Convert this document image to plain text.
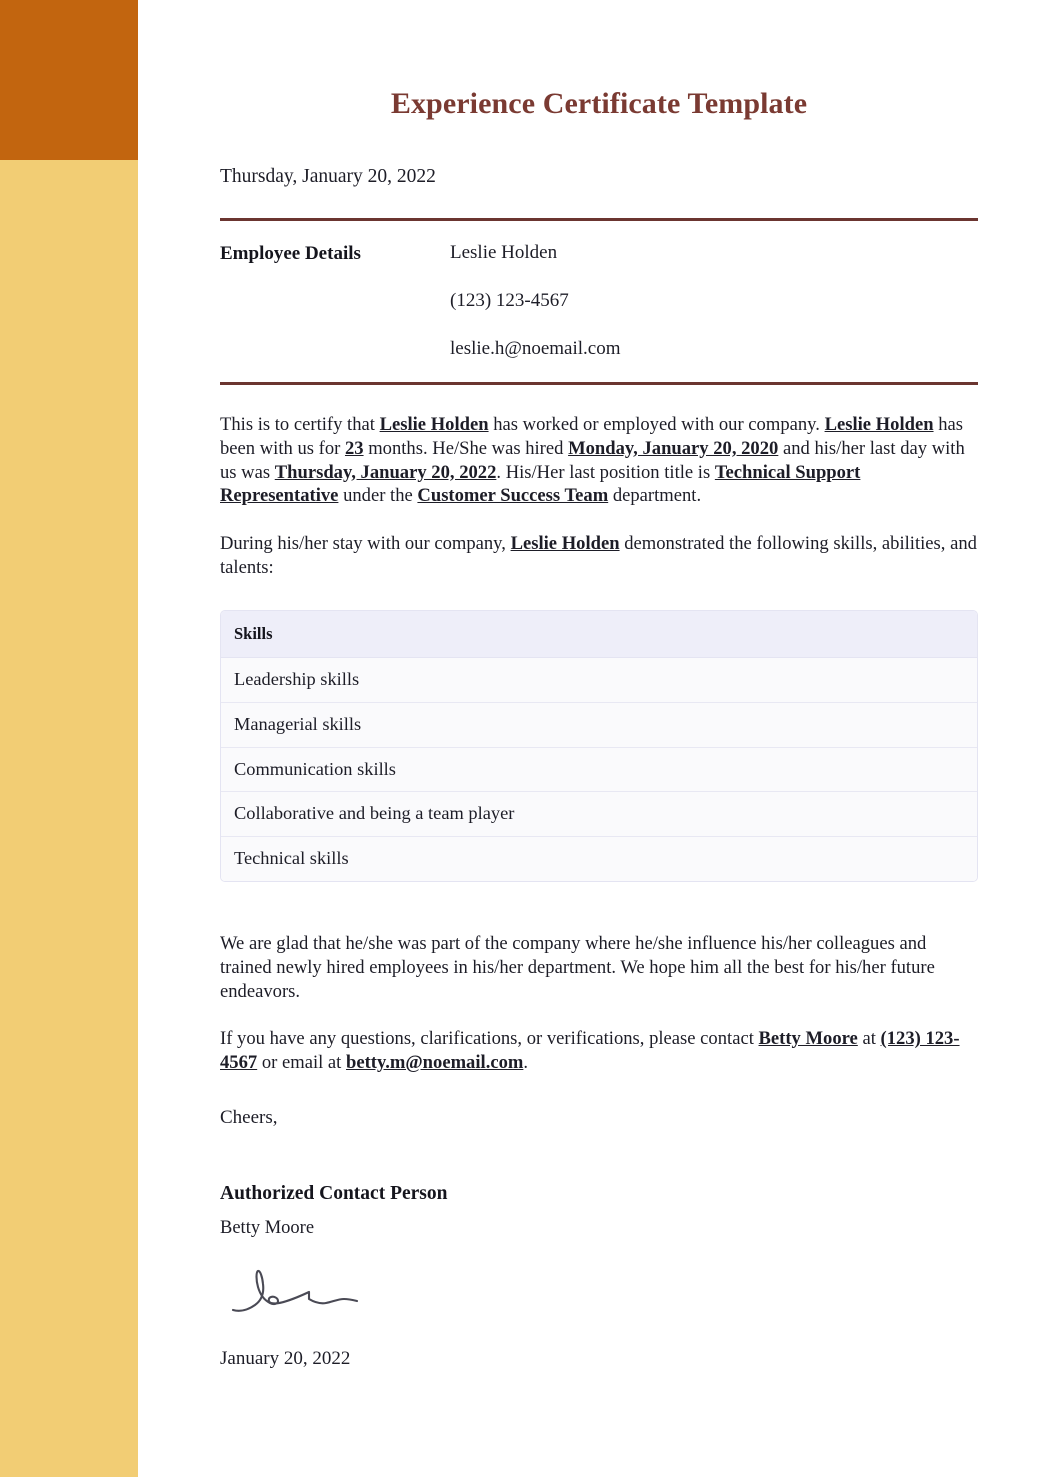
Experience Certificate Template

Thursday, January 20, 2022

Employee Details	Leslie Holden
(123) 123-4567
leslie.h@noemail.com

This is to certify that Leslie Holden has worked or employed with our company. Leslie Holden has been with us for 23 months. He/She was hired Monday, January 20, 2020 and his/her last day with us was Thursday, January 20, 2022. His/Her last position title is Technical Support Representative under the Customer Success Team department.

During his/her stay with our company, Leslie Holden demonstrated the following skills, abilities, and talents:

Skills
Leadership skills
Managerial skills
Communication skills
Collaborative and being a team player
Technical skills

We are glad that he/she was part of the company where he/she influence his/her colleagues and trained newly hired employees in his/her department. We hope him all the best for his/her future endeavors.

If you have any questions, clarifications, or verifications, please contact Betty Moore at (123) 123-4567 or email at betty.m@noemail.com.

Cheers,

Authorized Contact Person

Betty Moore

January 20, 2022
